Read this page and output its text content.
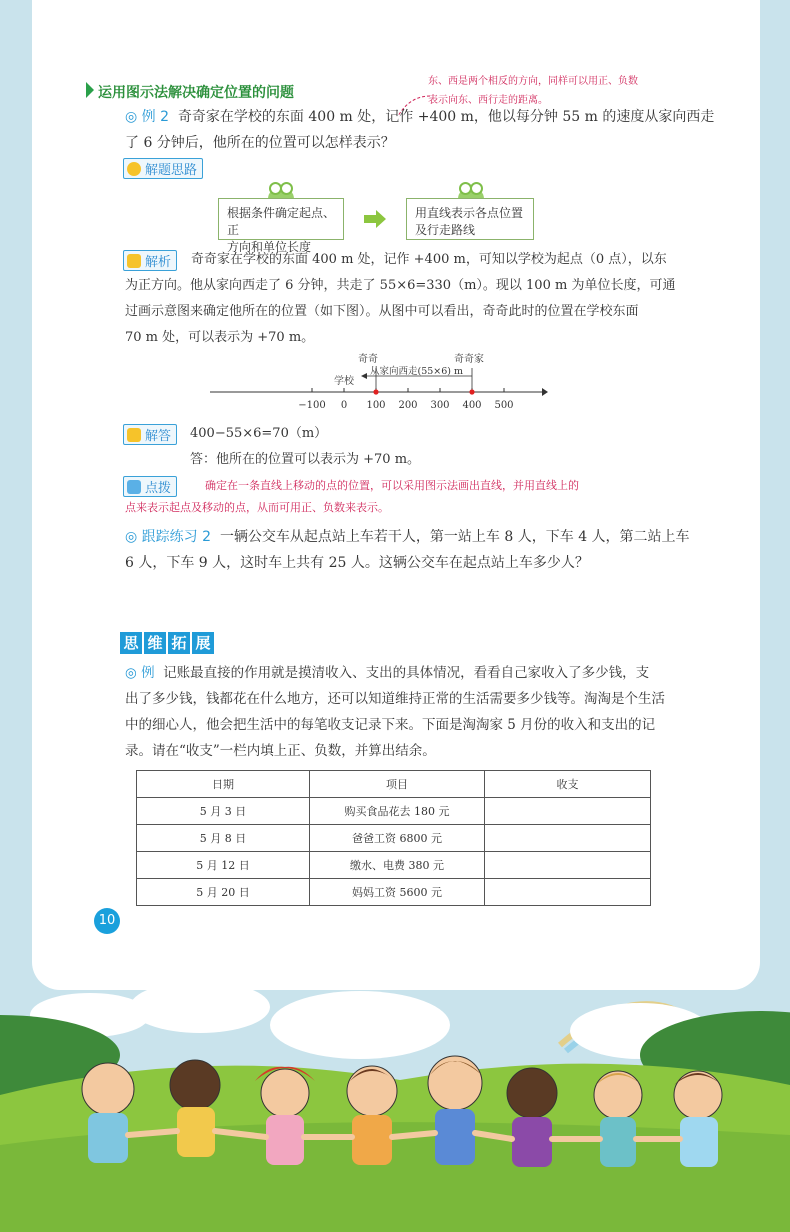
运用图示法解决确定位置的问题
东、西是两个相反的方向，同样可以用正、负数
表示向东、西行走的距离。
◎ 例 2 奇奇家在学校的东面 400 m 处，记作 +400 m，他以每分钟 55 m 的速度从家向西走
了 6 分钟后，他所在的位置可以怎样表示？
解题思路
根据条件确定起点、正
方向和单位长度
用直线表示各点位置
及行走路线
解析	奇奇家在学校的东面 400 m 处，记作 +400 m，可知以学校为起点（0 点），以东
为正方向。他从家向西走了 6 分钟，共走了 55×6=330（m）。现以 100 m 为单位长度，可通
过画示意图来确定他所在的位置（如下图）。从图中可以看出，奇奇此时的位置在学校东面
70 m 处，可以表示为 +70 m。
−100 0 100 200 300 400 500
奇奇
学校
奇奇家
从家向西走(55×6) m
解答 400−55×6=70（m）
答：他所在的位置可以表示为 +70 m。
点拨	确定在一条直线上移动的点的位置，可以采用图示法画出直线，并用直线上的
点来表示起点及移动的点，从而可用正、负数来表示。
◎ 跟踪练习 2 一辆公交车从起点站上车若干人，第一站上车 8 人，下车 4 人，第二站上车
6 人，下车 9 人，这时车上共有 25 人。这辆公交车在起点站上车多少人？
思 维 拓 展
◎ 例 记账最直接的作用就是摸清收入、支出的具体情况，看看自己家收入了多少钱，支
出了多少钱，钱都花在什么地方，还可以知道维持正常的生活需要多少钱等。淘淘是个生活
中的细心人，他会把生活中的每笔收支记录下来。下面是淘淘家 5 月份的收入和支出的记
录。请在“收支”一栏内填上正、负数，并算出结余。
日期	项目	收支
5 月 3 日	购买食品花去 180 元	
5 月 8 日	爸爸工资 6800 元	
5 月 12 日	缴水、电费 380 元	
5 月 20 日	妈妈工资 5600 元	
10
